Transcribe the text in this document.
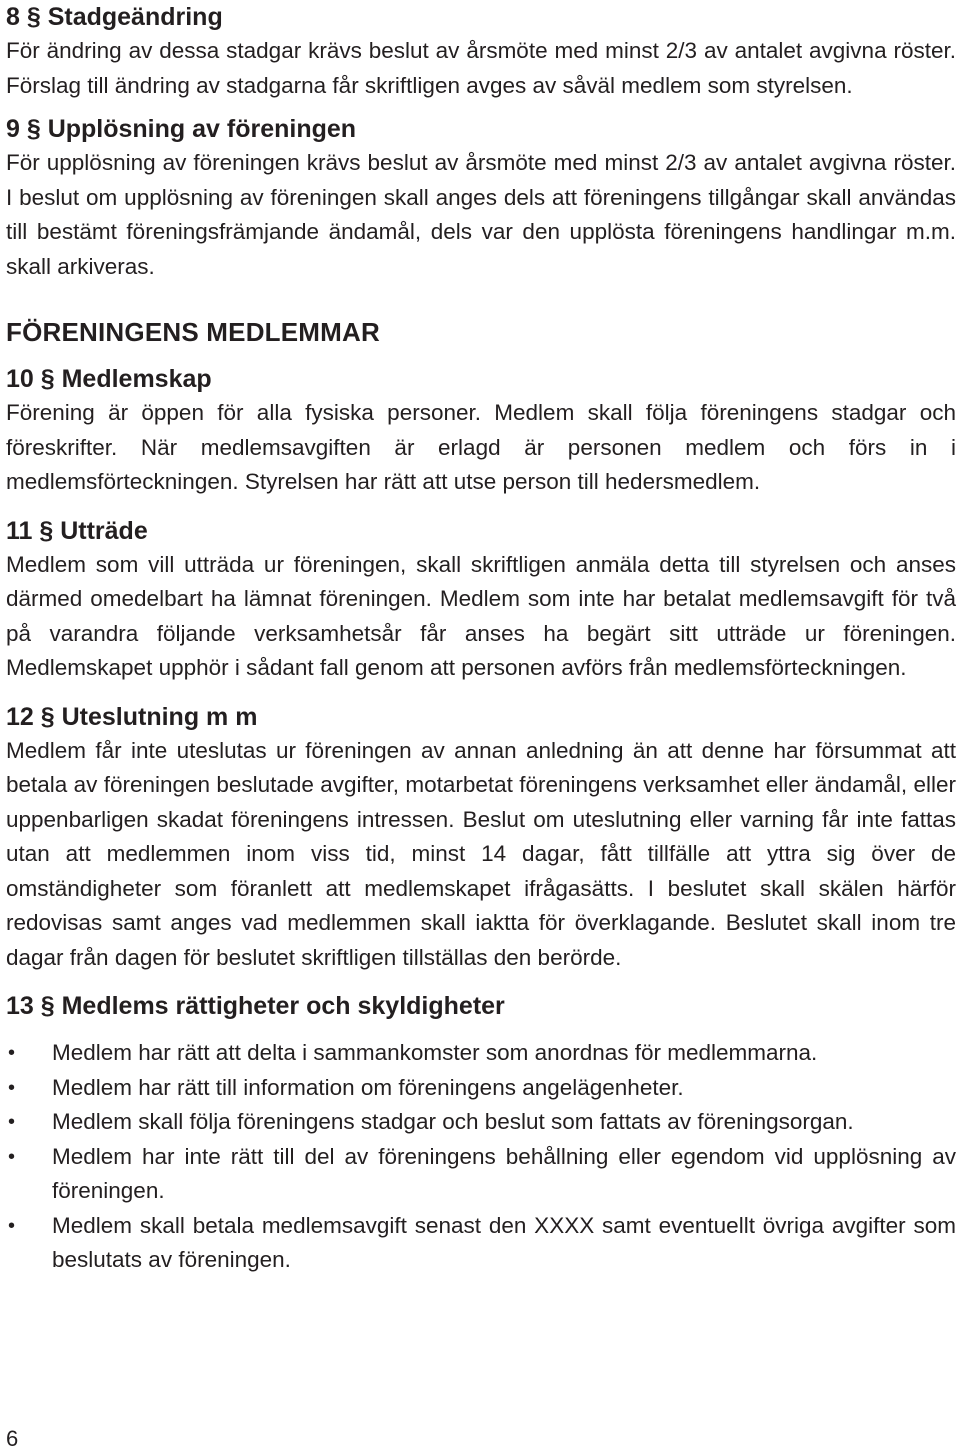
8 § Stadgeändring

För ändring av dessa stadgar krävs beslut av årsmöte med minst 2/3 av antalet avgivna röster. Förslag till ändring av stadgarna får skriftligen avges av såväl medlem som styrelsen.

9 § Upplösning av föreningen

För upplösning av föreningen krävs beslut av årsmöte med minst 2/3 av antalet avgivna röster. I beslut om upplösning av föreningen skall anges dels att föreningens tillgångar skall användas till bestämt föreningsfrämjande ändamål, dels var den upplösta föreningens handlingar m.m. skall arkiveras.

FÖRENINGENS MEDLEMMAR
10 § Medlemskap

Förening är öppen för alla fysiska personer. Medlem skall följa föreningens stadgar och föreskrifter. När medlemsavgiften är erlagd är personen medlem och förs in i medlemsförteckningen. Styrelsen har rätt att utse person till hedersmedlem.

11 § Utträde

Medlem som vill utträda ur föreningen, skall skriftligen anmäla detta till styrelsen och anses därmed omedelbart ha lämnat föreningen. Medlem som inte har betalat medlemsavgift för två på varandra följande verksamhetsår får anses ha begärt sitt utträde ur föreningen. Medlemskapet upphör i sådant fall genom att personen avförs från medlemsförteckningen.

12 § Uteslutning m m

Medlem får inte uteslutas ur föreningen av annan anledning än att denne har försummat att betala av föreningen beslutade avgifter, motarbetat föreningens verksamhet eller ändamål, eller uppenbarligen skadat föreningens intressen. Beslut om uteslutning eller varning får inte fattas utan att medlemmen inom viss tid, minst 14 dagar, fått tillfälle att yttra sig över de omständigheter som föranlett att medlemskapet ifrågasätts. I beslutet skall skälen härför redovisas samt anges vad medlemmen skall iaktta för överklagande. Beslutet skall inom tre dagar från dagen för beslutet skriftligen tillställas den berörde.

13 § Medlems rättigheter och skyldigheter
• Medlem har rätt att delta i sammankomster som anordnas för medlemmarna.
• Medlem har rätt till information om föreningens angelägenheter.
• Medlem skall följa föreningens stadgar och beslut som fattats av föreningsorgan.
• Medlem har inte rätt till del av föreningens behållning eller egendom vid upplösning av föreningen.
• Medlem skall betala medlemsavgift senast den XXXX samt eventuellt övriga avgifter som beslutats av föreningen.
6
